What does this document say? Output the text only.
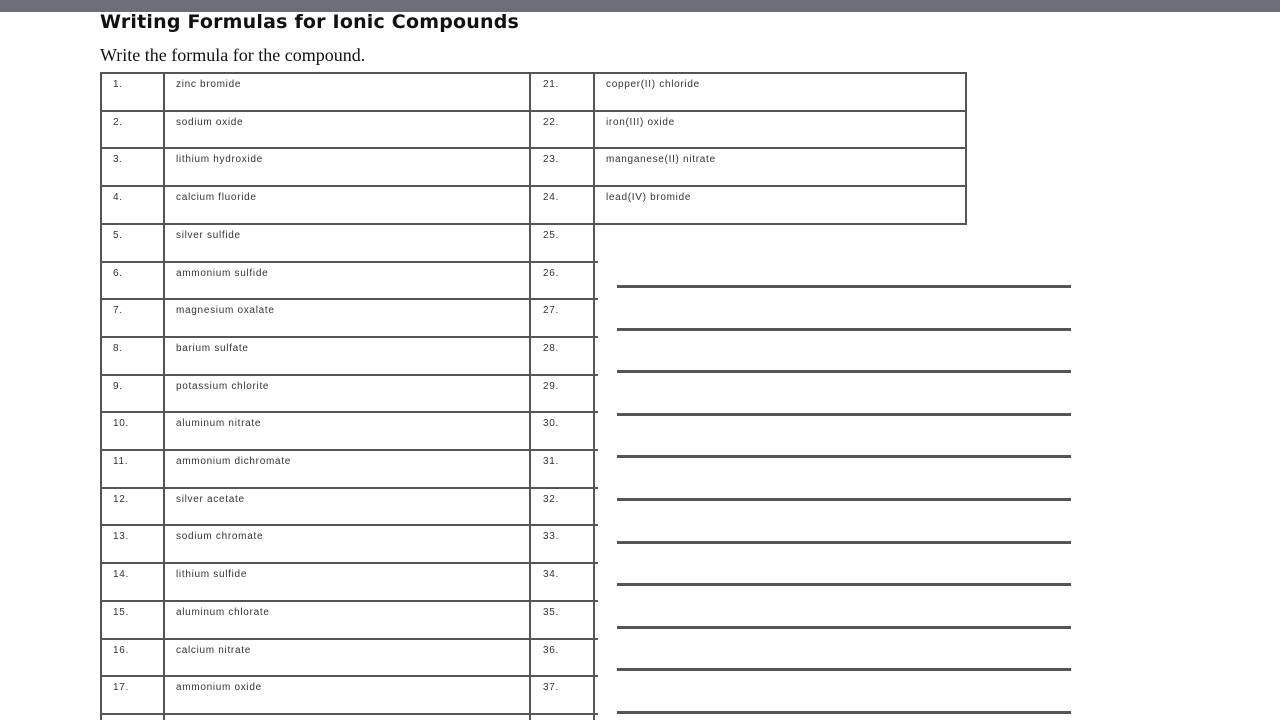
Writing Formulas for Ionic Compounds

Write the formula for the compound.

1.	zinc bromide
2.	sodium oxide
3.	lithium hydroxide
4.	calcium fluoride
5.	silver sulfide
6.	ammonium sulfide
7.	magnesium oxalate
8.	barium sulfate
9.	potassium chlorite
10.	aluminum nitrate
11.	ammonium dichromate
12.	silver acetate
13.	sodium chromate
14.	lithium sulfide
15.	aluminum chlorate
16.	calcium nitrate
17.	ammonium oxide
21.	copper(II) chloride
22.	iron(III) oxide
23.	manganese(II) nitrate
24.	lead(IV) bromide
25.
26.
27.
28.
29.
30.
31.
32.
33.
34.
35.
36.
37.
